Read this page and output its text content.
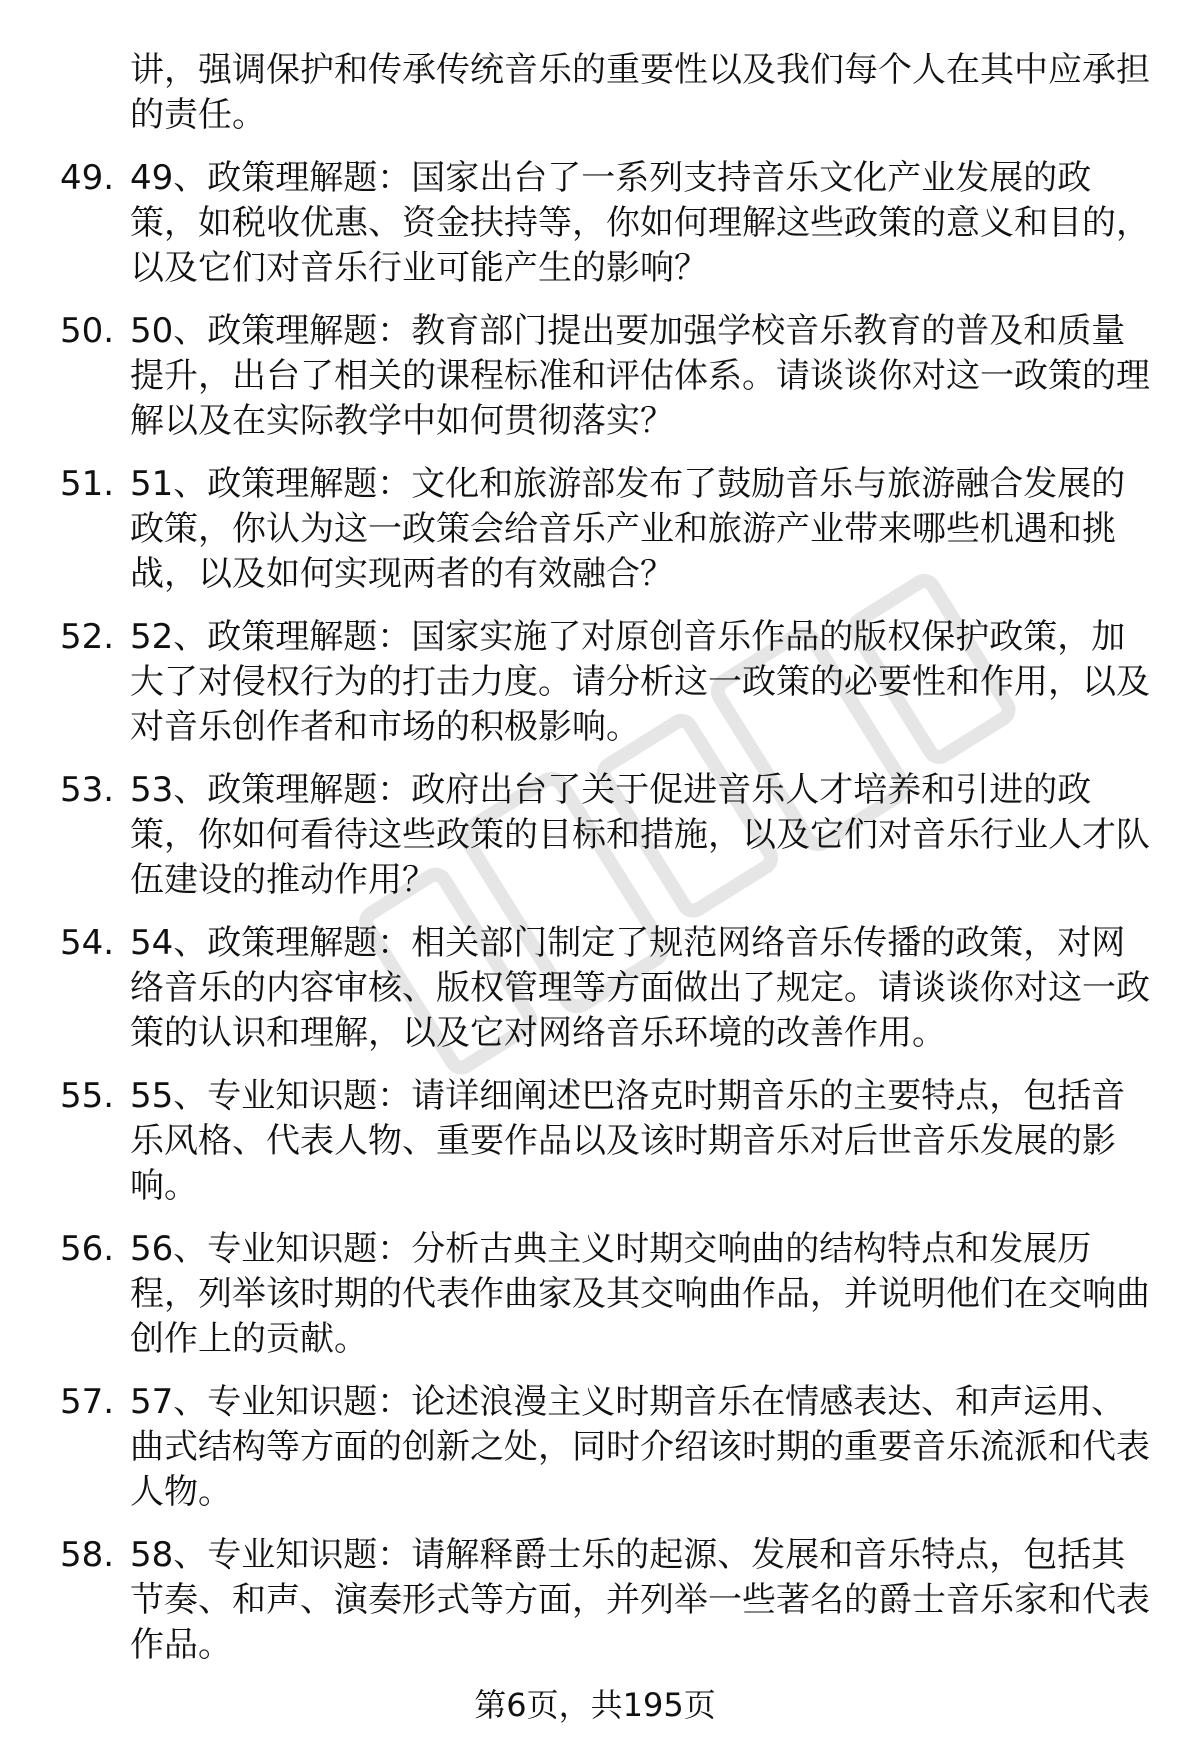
讲，强调保护和传承传统音乐的重要性以及我们每个人在其中应承担的责任。
49. 49、政策理解题：国家出台了一系列支持音乐文化产业发展的政策，如税收优惠、资金扶持等，你如何理解这些政策的意义和目的，以及它们对音乐行业可能产生的影响？
50. 50、政策理解题：教育部门提出要加强学校音乐教育的普及和质量提升，出台了相关的课程标准和评估体系。请谈谈你对这一政策的理解以及在实际教学中如何贯彻落实？
51. 51、政策理解题：文化和旅游部发布了鼓励音乐与旅游融合发展的政策，你认为这一政策会给音乐产业和旅游产业带来哪些机遇和挑战，以及如何实现两者的有效融合？
52. 52、政策理解题：国家实施了对原创音乐作品的版权保护政策，加大了对侵权行为的打击力度。请分析这一政策的必要性和作用，以及对音乐创作者和市场的积极影响。
53. 53、政策理解题：政府出台了关于促进音乐人才培养和引进的政策，你如何看待这些政策的目标和措施，以及它们对音乐行业人才队伍建设的推动作用？
54. 54、政策理解题：相关部门制定了规范网络音乐传播的政策，对网络音乐的内容审核、版权管理等方面做出了规定。请谈谈你对这一政策的认识和理解，以及它对网络音乐环境的改善作用。
55. 55、专业知识题：请详细阐述巴洛克时期音乐的主要特点，包括音乐风格、代表人物、重要作品以及该时期音乐对后世音乐发展的影响。
56. 56、专业知识题：分析古典主义时期交响曲的结构特点和发展历程，列举该时期的代表作曲家及其交响曲作品，并说明他们在交响曲创作上的贡献。
57. 57、专业知识题：论述浪漫主义时期音乐在情感表达、和声运用、曲式结构等方面的创新之处，同时介绍该时期的重要音乐流派和代表人物。
58. 58、专业知识题：请解释爵士乐的起源、发展和音乐特点，包括其节奏、和声、演奏形式等方面，并列举一些著名的爵士音乐家和代表作品。
第6页，共195页
